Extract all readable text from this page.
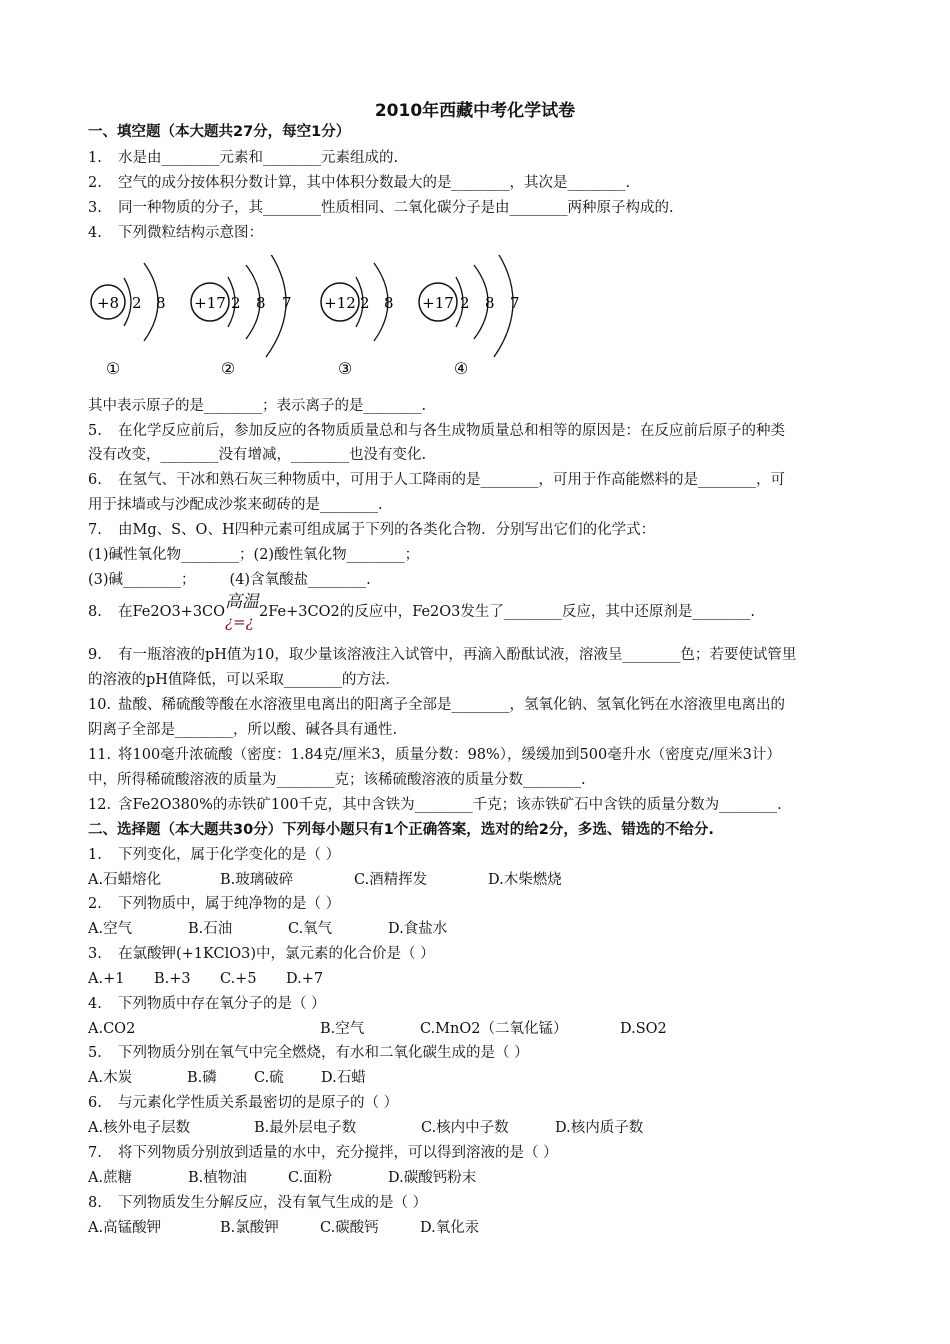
2010年西藏中考化学试卷
一、填空题（本大题共27分，每空1分）
1. 水是由________元素和________元素组成的.
2. 空气的成分按体积分数计算，其中体积分数最大的是________，其次是________.
3. 同一种物质的分子，其________性质相同、二氧化碳分子是由________两种原子构成的.
4. 下列微粒结构示意图：
+8 2 8
①
+17 2 8 7
②
+12 2 8
③
+17 2 8 7
④
其中表示原子的是________；表示离子的是________.
5. 在化学反应前后，参加反应的各物质质量总和与各生成物质量总和相等的原因是：在反应前后原子的种类
没有改变，________没有增减，________也没有变化.
6. 在氢气、干冰和熟石灰三种物质中，可用于人工降雨的是________，可用于作高能燃料的是________，可
用于抹墙或与沙配成沙浆来砌砖的是________.
7. 由Mg、S、O、H四种元素可组成属于下列的各类化合物．分别写出它们的化学式：
(1)碱性氧化物________；(2)酸性氧化物________；
(3)碱________； (4)含氧酸盐________.
8. 在Fe2O3+3CO 高温
¿=¿
2Fe+3CO2的反应中，Fe2O3发生了________反应，其中还原剂是________.
9. 有一瓶溶液的pH值为10，取少量该溶液注入试管中，再滴入酚酞试液，溶液呈________色；若要使试管里
的溶液的pH值降低，可以采取________的方法.
10. 盐酸、稀硫酸等酸在水溶液里电离出的阳离子全部是________，氢氧化钠、氢氧化钙在水溶液里电离出的
阴离子全部是________，所以酸、碱各具有通性.
11. 将100毫升浓硫酸（密度：1.84克/厘米3，质量分数：98%），缓缓加到500毫升水（密度克/厘米3计）
中，所得稀硫酸溶液的质量为________克；该稀硫酸溶液的质量分数________.
12. 含Fe2O380%的赤铁矿100千克，其中含铁为________千克；该赤铁矿石中含铁的质量分数为________.
二、选择题（本大题共30分）下列每小题只有1个正确答案，选对的给2分，多选、错选的不给分.
1. 下列变化，属于化学变化的是（ ）
A.石蜡熔化	B.玻璃破碎	C.酒精挥发	D.木柴燃烧
2. 下列物质中，属于纯净物的是（ ）
A.空气	B.石油	C.氧气	D.食盐水
3. 在氯酸钾(+1KClO3)中，氯元素的化合价是（ ）
A.+1 B.+3 C.+5 D.+7
4. 下列物质中存在氧分子的是（ ）
A.CO2	B.空气	C.MnO2（二氧化锰）	D.SO2
5. 下列物质分别在氧气中完全燃烧，有水和二氧化碳生成的是（ ）
A.木炭	B.磷	C.硫	D.石蜡
6. 与元素化学性质关系最密切的是原子的（ ）
A.核外电子层数	B.最外层电子数	C.核内中子数	D.核内质子数
7. 将下列物质分别放到适量的水中，充分搅拌，可以得到溶液的是（ ）
A.蔗糖	B.植物油	C.面粉	D.碳酸钙粉末
8. 下列物质发生分解反应，没有氧气生成的是（ ）
A.高锰酸钾	B.氯酸钾	C.碳酸钙	D.氧化汞
